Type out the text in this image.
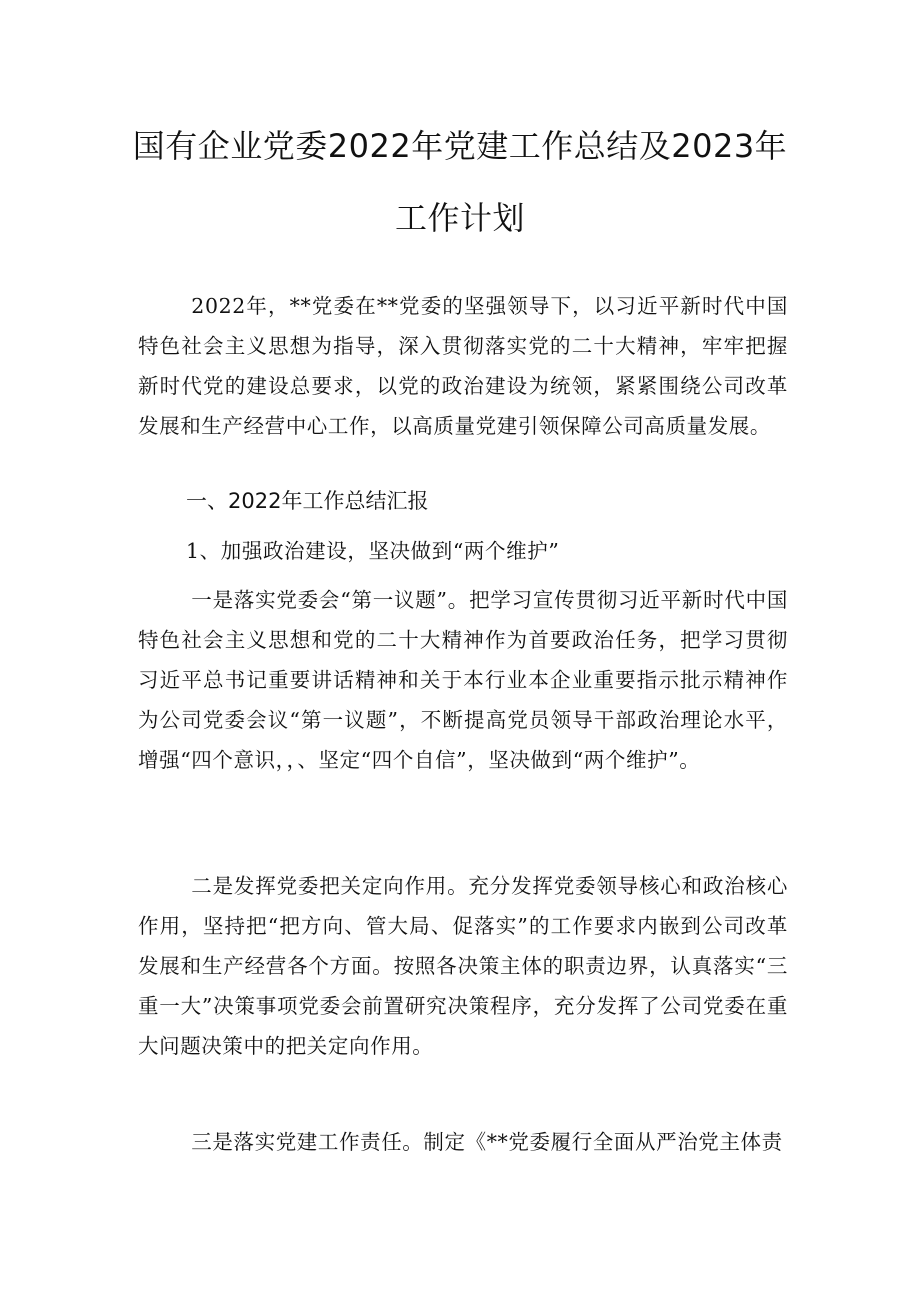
国有企业党委2022年党建工作总结及2023年
工作计划

2022年，**党委在**党委的坚强领导下，以习近平新时代中国特色社会主义思想为指导，深入贯彻落实党的二十大精神，牢牢把握新时代党的建设总要求，以党的政治建设为统领，紧紧围绕公司改革发展和生产经营中心工作，以高质量党建引领保障公司高质量发展。

一、2022年工作总结汇报
1、加强政治建设，坚决做到“两个维护”

一是落实党委会“第一议题”。把学习宣传贯彻习近平新时代中国特色社会主义思想和党的二十大精神作为首要政治任务，把学习贯彻习近平总书记重要讲话精神和关于本行业本企业重要指示批示精神作为公司党委会议“第一议题”，不断提高党员领导干部政治理论水平，增强“四个意识，，、坚定“四个自信”，坚决做到“两个维护”。

二是发挥党委把关定向作用。充分发挥党委领导核心和政治核心作用，坚持把“把方向、管大局、促落实”的工作要求内嵌到公司改革发展和生产经营各个方面。按照各决策主体的职责边界，认真落实“三重一大”决策事项党委会前置研究决策程序，充分发挥了公司党委在重大问题决策中的把关定向作用。

三是落实党建工作责任。制定《**党委履行全面从严治党主体责
